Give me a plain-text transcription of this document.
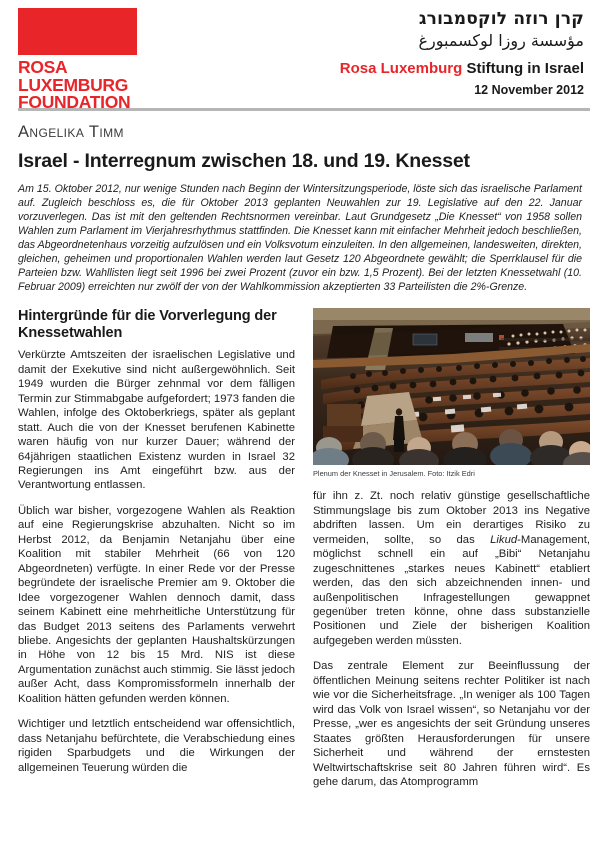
ROSA
LUXEMBURG
FOUNDATION
קרן רוזה לוקסמבורג
مؤسسة روزا لوكسمبورغ
Rosa Luxemburg Stiftung in Israel
12 November 2012
Angelika Timm
Israel - Interregnum zwischen 18. und 19. Knesset
Am 15. Oktober 2012, nur wenige Stunden nach Beginn der Wintersitzungsperiode, löste sich das israelische Parlament auf. Zugleich beschloss es, die für Oktober 2013 geplanten Neuwahlen zur 19. Legislative auf den 22. Januar vorzuverlegen. Das ist mit den geltenden Rechtsnormen vereinbar. Laut Grundgesetz „Die Knesset“ von 1958 sollen Wahlen zum Parlament im Vierjahresrhythmus stattfinden. Die Knesset kann mit einfacher Mehrheit jedoch beschließen, das Abgeordnetenhaus vorzeitig aufzulösen und ein Volksvotum einzuleiten. In den allgemeinen, landesweiten, direkten, gleichen, geheimen und proportionalen Wahlen werden laut Gesetz 120 Abgeordnete gewählt; die Sperrklausel für die Parteien bzw. Wahllisten liegt seit 1996 bei zwei Prozent (zuvor ein bzw. 1,5 Prozent). Bei der letzten Knessetwahl (10. Februar 2009) erreichten nur zwölf der von der Wahlkommission akzeptierten 33 Parteilisten die 2%-Grenze.
Hintergründe für die Vorverlegung der Knessetwahlen

Verkürzte Amtszeiten der israelischen Legislative und damit der Exekutive sind nicht außergewöhnlich. Seit 1949 wurden die Bürger zehnmal vor dem fälligen Termin zur Stimmabgabe aufgefordert; 1973 fanden die Wahlen, infolge des Oktoberkriegs, später als geplant statt. Auch die von der Knesset berufenen Kabinette waren häufig von nur kurzer Dauer; während der 64jährigen staatlichen Existenz wurden in Israel 32 Regierungen ins Amt eingeführt bzw. aus der Verantwortung entlassen.

Üblich war bisher, vorgezogene Wahlen als Reaktion auf eine Regierungskrise abzuhalten. Nicht so im Herbst 2012, da Benjamin Netanjahu über eine Koalition mit stabiler Mehrheit (66 von 120 Abgeordneten) verfügte. In einer Rede vor der Presse begründete der israelische Premier am 9. Oktober die Idee vorgezogener Wahlen dennoch damit, dass seinem Kabinett eine mehrheitliche Unterstützung für das Budget 2013 seitens des Parlaments verwehrt bliebe. Angesichts der geplanten Haushaltskürzungen in Höhe von 12 bis 15 Mrd. NIS ist diese Argumentation zunächst auch stimmig. Sie lässt jedoch außer Acht, dass Kompromissformeln innerhalb der Koalition hätten gefunden werden können.

Wichtiger und letztlich entscheidend war offensichtlich, dass Netanjahu befürchtete, die Verabschiedung eines rigiden Sparbudgets und die Wirkungen der allgemeinen Teuerung würden die

Plenum der Knesset in Jerusalem. Foto: Itzik Edri

für ihn z. Zt. noch relativ günstige gesellschaftliche Stimmungslage bis zum Oktober 2013 ins Negative abdriften lassen. Um ein derartiges Risiko zu vermeiden, sollte, so das Likud-Management, möglichst schnell ein auf „Bibi“ Netanjahu zugeschnittenes „starkes neues Kabinett“ etabliert werden, das den sich abzeichnenden innen- und außenpolitischen Infragestellungen gewappnet gegenüber treten könne, ohne dass substanzielle Positionen und Ziele der bisherigen Koalition aufgegeben werden müssten.

Das zentrale Element zur Beeinflussung der öffentlichen Meinung seitens rechter Politiker ist nach wie vor die Sicherheitsfrage. „In weniger als 100 Tagen wird das Volk von Israel wissen“, so Netanjahu vor der Presse, „wer es angesichts der seit Gründung unseres Staates größten Herausforderungen für unsere Sicherheit und während der ernstesten Weltwirtschaftskrise seit 80 Jahren führen wird“. Es gehe darum, das Atomprogramm
